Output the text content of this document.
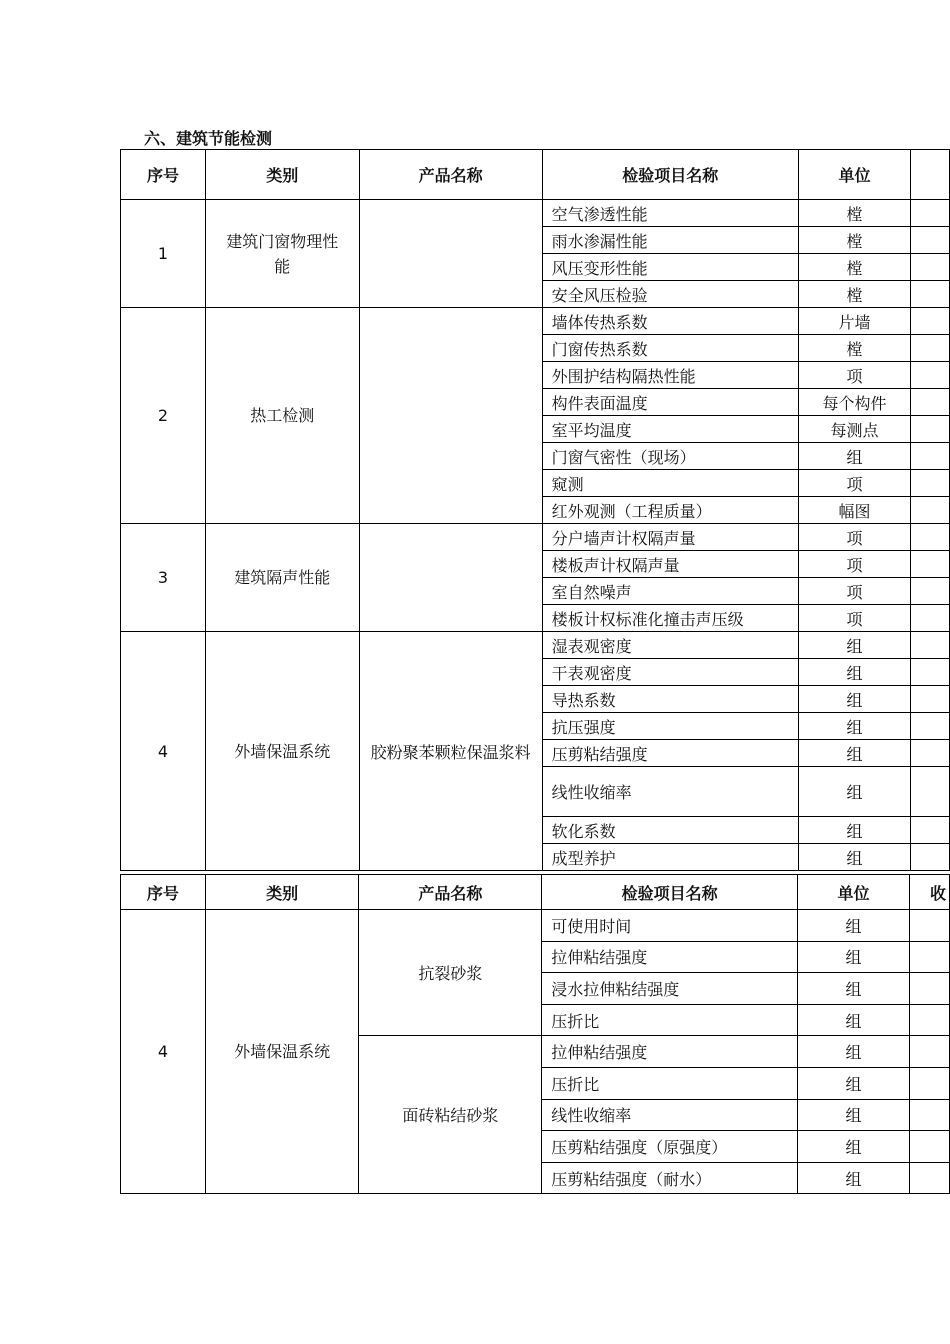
六、建筑节能检测
序号	类别	产品名称	检验项目名称	单位	
1	建筑门窗物理性能		空气渗透性能	樘	
			雨水渗漏性能	樘	
			风压变形性能	樘	
			安全风压检验	樘	
2	热工检测		墙体传热系数	片墙	
			门窗传热系数	樘	
			外围护结构隔热性能	项	
			构件表面温度	每个构件	
			室平均温度	每测点	
			门窗气密性（现场）	组	
			窥测	项	
			红外观测（工程质量）	幅图	
3	建筑隔声性能		分户墙声计权隔声量	项	
			楼板声计权隔声量	项	
			室自然噪声	项	
			楼板计权标准化撞击声压级	项	
4	外墙保温系统	胶粉聚苯颗粒保温浆料	湿表观密度	组	
			干表观密度	组	
			导热系数	组	
			抗压强度	组	
			压剪粘结强度	组	
			线性收缩率	组	
			软化系数	组	
			成型养护	组	
序号	类别	产品名称	检验项目名称	单位	收
4	外墙保温系统	抗裂砂浆	可使用时间	组	
			拉伸粘结强度	组	
			浸水拉伸粘结强度	组	
			压折比	组	
		面砖粘结砂浆	拉伸粘结强度	组	
			压折比	组	
			线性收缩率	组	
			压剪粘结强度（原强度）	组	
			压剪粘结强度（耐水）	组	
